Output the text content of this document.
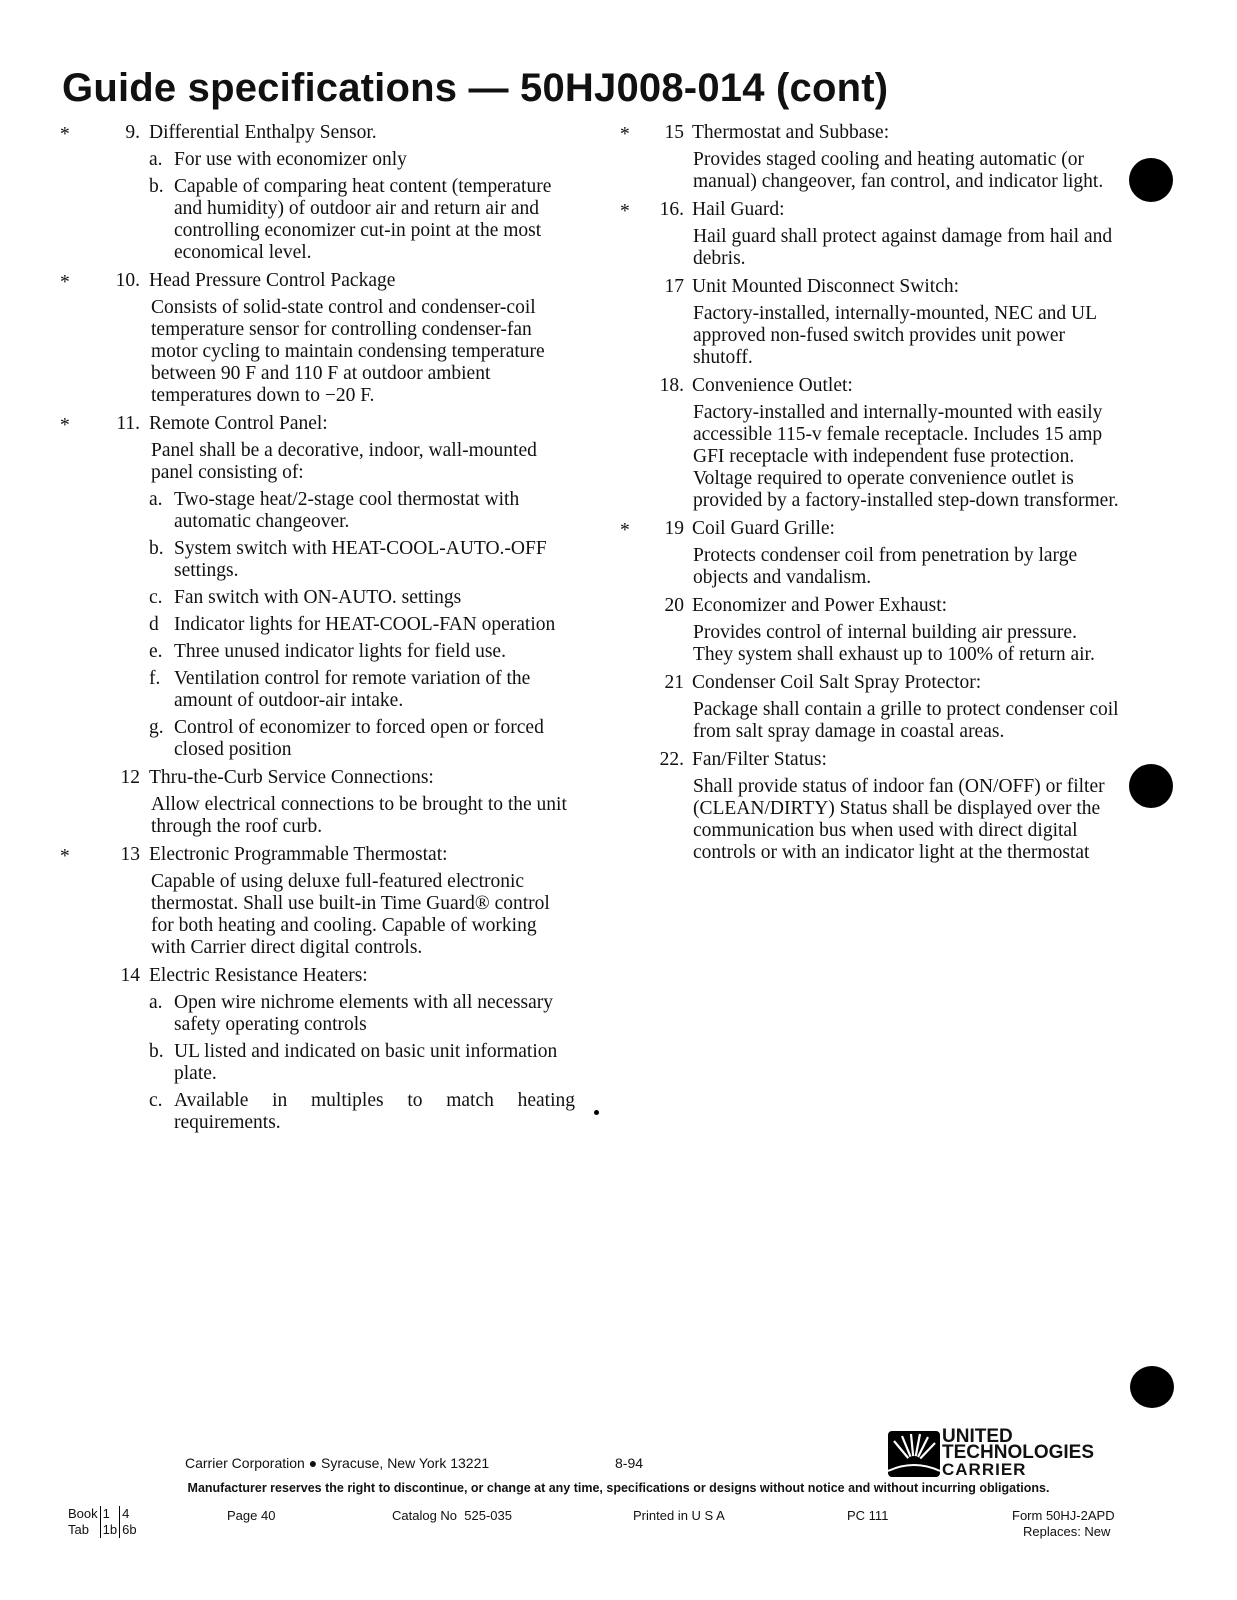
Guide specifications — 50HJ008-014 (cont)
*	9. Differential Enthalpy Sensor.
a. For use with economizer only
b. Capable of comparing heat content (temperature and humidity) of outdoor air and return air and controlling economizer cut-in point at the most economical level.
*	10. Head Pressure Control Package
Consists of solid-state control and condenser-coil temperature sensor for controlling condenser-fan motor cycling to maintain condensing temperature between 90 F and 110 F at outdoor ambient temperatures down to −20 F.
*	11. Remote Control Panel:
Panel shall be a decorative, indoor, wall-mounted panel consisting of:
a. Two-stage heat/2-stage cool thermostat with automatic changeover.
b. System switch with HEAT-COOL-AUTO.-OFF settings.
c. Fan switch with ON-AUTO. settings
d Indicator lights for HEAT-COOL-FAN operation
e. Three unused indicator lights for field use.
f. Ventilation control for remote variation of the amount of outdoor-air intake.
g. Control of economizer to forced open or forced closed position
12 Thru-the-Curb Service Connections:
Allow electrical connections to be brought to the unit through the roof curb.
*	13 Electronic Programmable Thermostat:
Capable of using deluxe full-featured electronic thermostat. Shall use built-in Time Guard® control for both heating and cooling. Capable of working with Carrier direct digital controls.
14 Electric Resistance Heaters:
a. Open wire nichrome elements with all necessary safety operating controls
b. UL listed and indicated on basic unit information plate.
c. Available in multiples to match heating requirements.
*	15 Thermostat and Subbase:
Provides staged cooling and heating automatic (or manual) changeover, fan control, and indicator light.
*	16. Hail Guard:
Hail guard shall protect against damage from hail and debris.
17 Unit Mounted Disconnect Switch:
Factory-installed, internally-mounted, NEC and UL approved non-fused switch provides unit power shutoff.
18. Convenience Outlet:
Factory-installed and internally-mounted with easily accessible 115-v female receptacle. Includes 15 amp GFI receptacle with independent fuse protection. Voltage required to operate convenience outlet is provided by a factory-installed step-down transformer.
*	19 Coil Guard Grille:
Protects condenser coil from penetration by large objects and vandalism.
20 Economizer and Power Exhaust:
Provides control of internal building air pressure. They system shall exhaust up to 100% of return air.
21 Condenser Coil Salt Spray Protector:
Package shall contain a grille to protect condenser coil from salt spray damage in coastal areas.
22. Fan/Filter Status:
Shall provide status of indoor fan (ON/OFF) or filter (CLEAN/DIRTY) Status shall be displayed over the communication bus when used with direct digital controls or with an indicator light at the thermostat
Carrier Corporation ● Syracuse, New York 13221	8-94
UNITED
TECHNOLOGIES
CARRIER
Manufacturer reserves the right to discontinue, or change at any time, specifications or designs without notice and without incurring obligations.
Book	1	4
Tab	1b	6b
Page 40	Catalog No  525-035	Printed in U S A	PC 111	Form 50HJ-2APD
Replaces: New
